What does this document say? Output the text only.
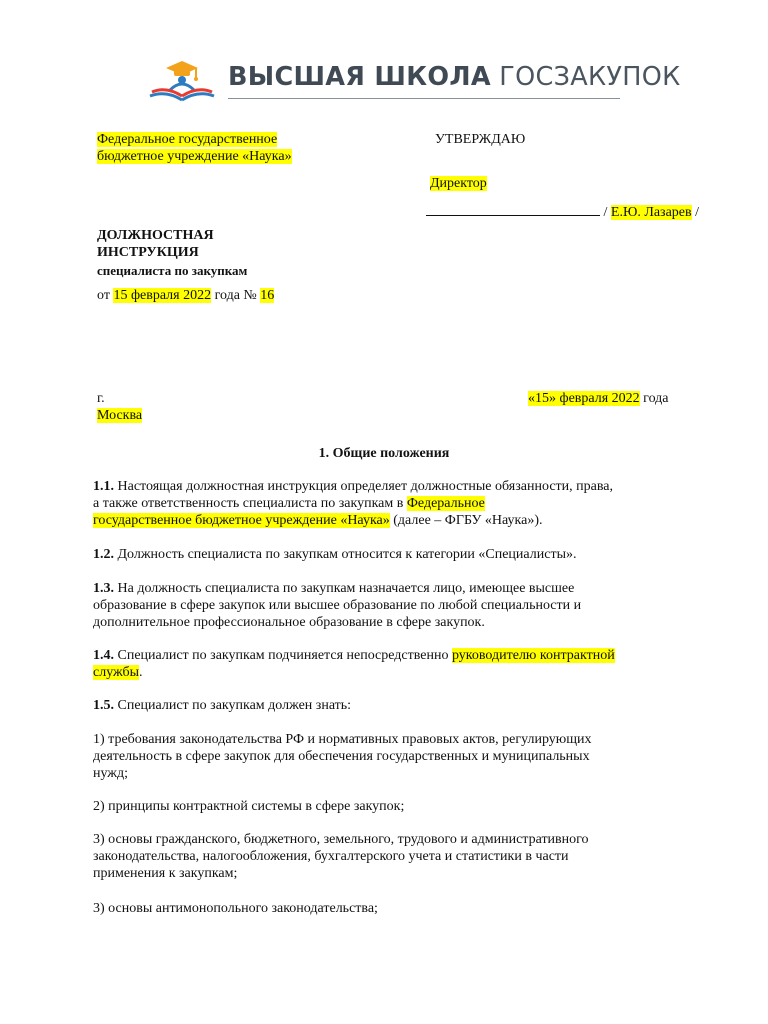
ВЫСШАЯ ШКОЛА ГОСЗАКУПОК
Федеральное государственное
бюджетное учреждение «Наука»
УТВЕРЖДАЮ
Директор
/ Е.Ю. Лазарев /
ДОЛЖНОСТНАЯ
ИНСТРУКЦИЯ
специалиста по закупкам
от 15 февраля 2022 года № 16
г.
Москва
«15» февраля 2022 года
1. Общие положения
1.1. Настоящая должностная инструкция определяет должностные обязанности, права,
а также ответственность специалиста по закупкам в Федеральное
государственное бюджетное учреждение «Наука» (далее – ФГБУ «Наука»).
1.2. Должность специалиста по закупкам относится к категории «Специалисты».
1.3. На должность специалиста по закупкам назначается лицо, имеющее высшее
образование в сфере закупок или высшее образование по любой специальности и
дополнительное профессиональное образование в сфере закупок.
1.4. Специалист по закупкам подчиняется непосредственно руководителю контрактной
службы.
1.5. Специалист по закупкам должен знать:
1) требования законодательства РФ и нормативных правовых актов, регулирующих
деятельность в сфере закупок для обеспечения государственных и муниципальных
нужд;
2) принципы контрактной системы в сфере закупок;
3) основы гражданского, бюджетного, земельного, трудового и административного
законодательства, налогообложения, бухгалтерского учета и статистики в части
применения к закупкам;
3) основы антимонопольного законодательства;
